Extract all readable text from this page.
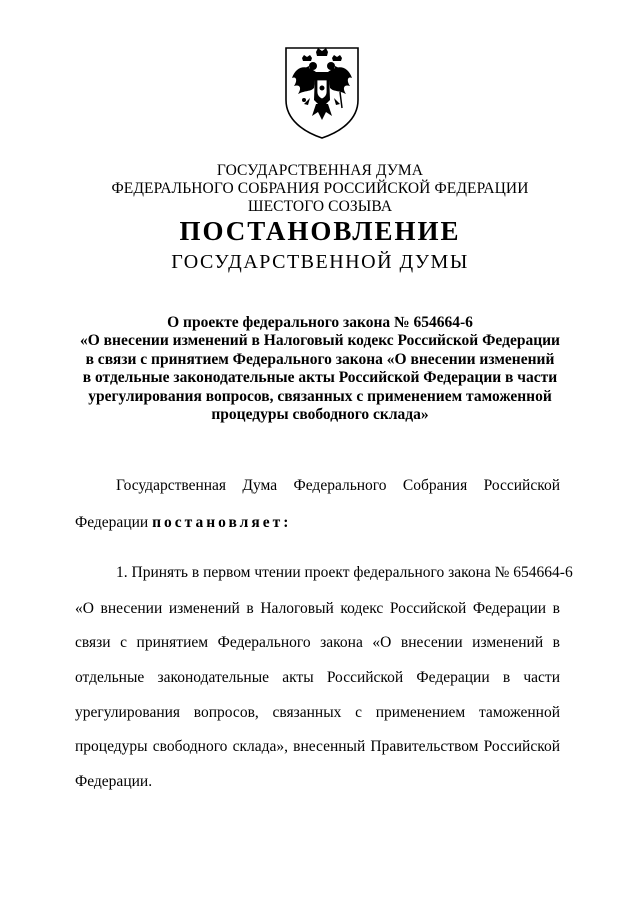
ГОСУДАРСТВЕННАЯ ДУМА
ФЕДЕРАЛЬНОГО СОБРАНИЯ РОССИЙСКОЙ ФЕДЕРАЦИИ
ШЕСТОГО СОЗЫВА
ПОСТАНОВЛЕНИЕ
ГОСУДАРСТВЕННОЙ ДУМЫ
О проекте федерального закона № 654664-6
«О внесении изменений в Налоговый кодекс Российской Федерации
в связи с принятием Федерального закона «О внесении изменений
в отдельные законодательные акты Российской Федерации в части
урегулирования вопросов, связанных с применением таможенной
процедуры свободного склада»
Государственная Дума Федерального Собрания Российской
Федерации постановляет:
1. Принять в первом чтении проект федерального закона № 654664-6
«О внесении изменений в Налоговый кодекс Российской Федерации в
связи с принятием Федерального закона «О внесении изменений в
отдельные законодательные акты Российской Федерации в части
урегулирования вопросов, связанных с применением таможенной
процедуры свободного склада», внесенный Правительством Российской
Федерации.
